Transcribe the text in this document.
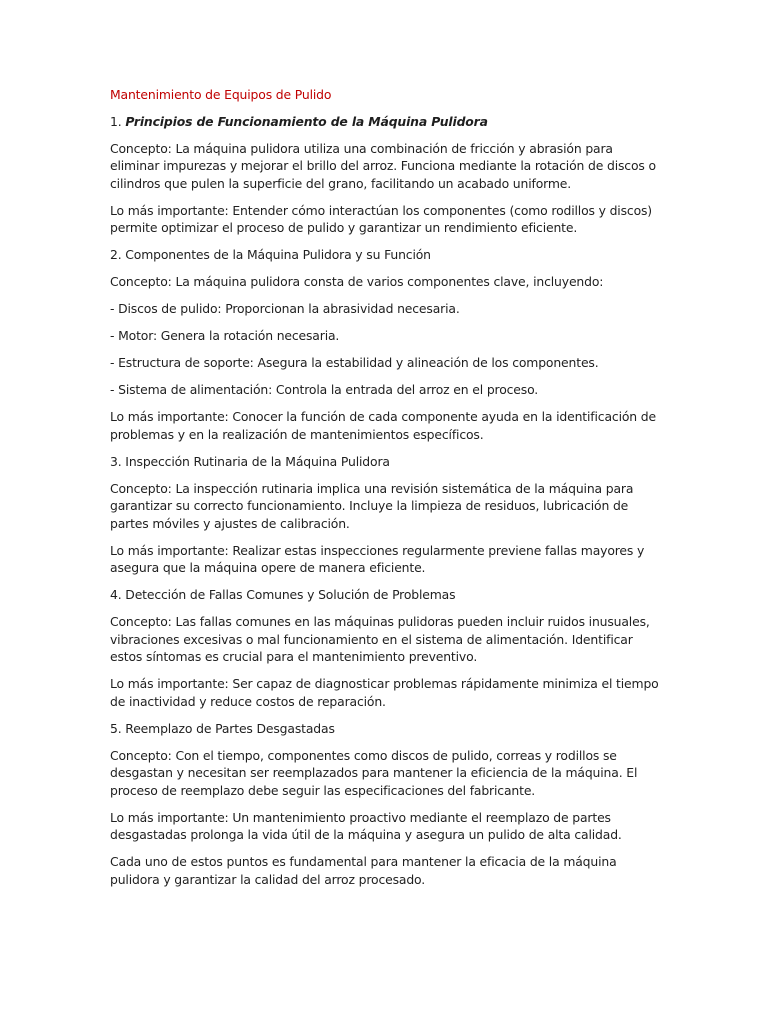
Mantenimiento de Equipos de Pulido

1. Principios de Funcionamiento de la Máquina Pulidora

Concepto: La máquina pulidora utiliza una combinación de fricción y abrasión para eliminar impurezas y mejorar el brillo del arroz. Funciona mediante la rotación de discos o cilindros que pulen la superficie del grano, facilitando un acabado uniforme.

Lo más importante: Entender cómo interactúan los componentes (como rodillos y discos) permite optimizar el proceso de pulido y garantizar un rendimiento eficiente.

2. Componentes de la Máquina Pulidora y su Función

Concepto: La máquina pulidora consta de varios componentes clave, incluyendo:

- Discos de pulido: Proporcionan la abrasividad necesaria.

- Motor: Genera la rotación necesaria.

- Estructura de soporte: Asegura la estabilidad y alineación de los componentes.

- Sistema de alimentación: Controla la entrada del arroz en el proceso.

Lo más importante: Conocer la función de cada componente ayuda en la identificación de problemas y en la realización de mantenimientos específicos.

3. Inspección Rutinaria de la Máquina Pulidora

Concepto: La inspección rutinaria implica una revisión sistemática de la máquina para garantizar su correcto funcionamiento. Incluye la limpieza de residuos, lubricación de partes móviles y ajustes de calibración.

Lo más importante: Realizar estas inspecciones regularmente previene fallas mayores y asegura que la máquina opere de manera eficiente.

4. Detección de Fallas Comunes y Solución de Problemas

Concepto: Las fallas comunes en las máquinas pulidoras pueden incluir ruidos inusuales, vibraciones excesivas o mal funcionamiento en el sistema de alimentación. Identificar estos síntomas es crucial para el mantenimiento preventivo.

Lo más importante: Ser capaz de diagnosticar problemas rápidamente minimiza el tiempo de inactividad y reduce costos de reparación.

5. Reemplazo de Partes Desgastadas

Concepto: Con el tiempo, componentes como discos de pulido, correas y rodillos se desgastan y necesitan ser reemplazados para mantener la eficiencia de la máquina. El proceso de reemplazo debe seguir las especificaciones del fabricante.

Lo más importante: Un mantenimiento proactivo mediante el reemplazo de partes desgastadas prolonga la vida útil de la máquina y asegura un pulido de alta calidad.

Cada uno de estos puntos es fundamental para mantener la eficacia de la máquina pulidora y garantizar la calidad del arroz procesado.
